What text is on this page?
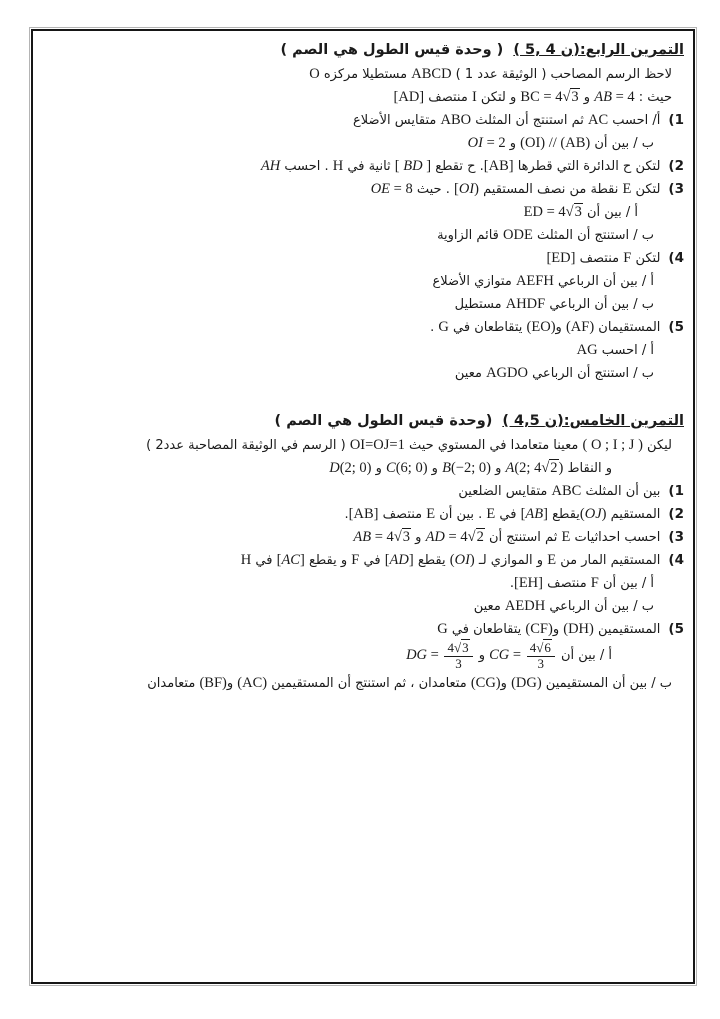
التمرين الرابع( 5, 4 ن):( وحدة قيس الطول هي الصم )
لاحظ الرسم المصاحب ( الوثيقة عدد 1 ) ABCD مستطيلا مركزه O
حيث : AB = 4 و BC = 4√3 و لتكن I منتصف [AD]
(1أ/ احسب AC ثم استنتج أن المثلث ABO متقايس الأضلاع
ب / بين أن (OI) // (AB) و OI = 2
(2لتكن ح الدائرة التي قطرها [AB]. ح تقطع [ BD ] ثانية في H . احسب AH
(3لتكن E نقطة من نصف المستقيم [OI) . حيث OE = 8
أ / بين أن ED = 4√3
ب / استنتج أن المثلث ODE قائم الزاوية
(4لتكن F منتصف [ED]
أ / بين أن الرباعي AEFH متوازي الأضلاع
ب / بين أن الرباعي AHDF مستطيل
(5المستقيمان (AF) و(EO) يتقاطعان في G .
أ / احسب AG
ب / استنتج أن الرباعي AGDO معين
التمرين الخامس( 4,5 ن):(وحدة قيس الطول هي الصم )
ليكن ( O ; I ; J ) معينا متعامدا في المستوي حيث OI=OJ=1 ( الرسم في الوثيقة المصاحبة عدد2 )
و النقاط A(2; 4√2) و B(−2; 0) و C(6; 0) و D(2; 0)
(1بين أن المثلث ABC متقايس الضلعين
(2المستقيم (OJ)يقطع [AB] في E . بين أن E منتصف [AB].
(3احسب احداثيات E ثم استنتج أن AD = 4√2 و AB = 4√3
(4المستقيم المار من E و الموازي لـ (OI) يقطع [AD] في F و يقطع [AC] في H
أ / بين أن F منتصف [EH].
ب / بين أن الرباعي AEDH معين
(5المستقيمين (DH) و(CF) يتقاطعان في G
أ / بين أن CG = $\frac{4√6}{3}$
و DG = $\frac{4√3}{3}$
ب / بين أن المستقيمين (DG) و(CG) متعامدان ، ثم استنتج أن المستقيمين (AC) و(BF) متعامدان
